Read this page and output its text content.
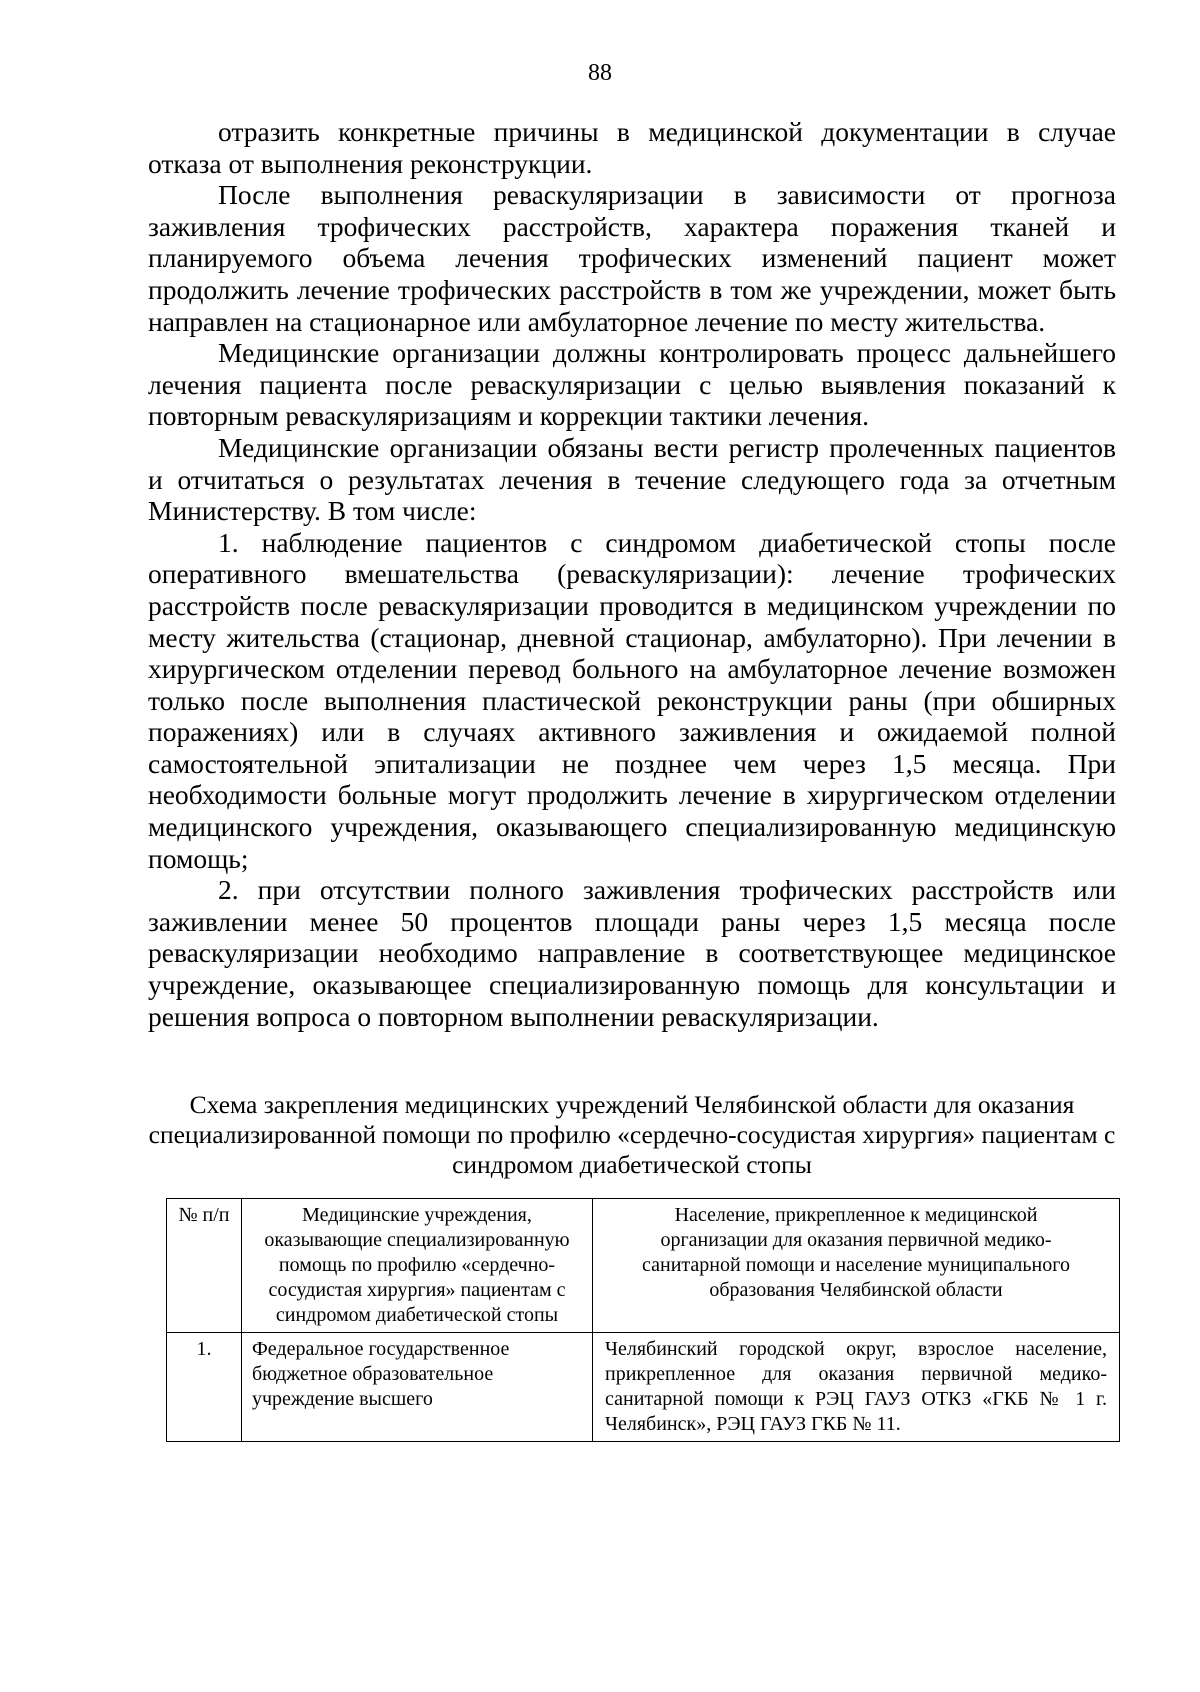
88

отразить конкретные причины в медицинской документации в случае отказа от выполнения реконструкции.

После выполнения реваскуляризации в зависимости от прогноза заживления трофических расстройств, характера поражения тканей и планируемого объема лечения трофических изменений пациент может продолжить лечение трофических расстройств в том же учреждении, может быть направлен на стационарное или амбулаторное лечение по месту жительства.

Медицинские организации должны контролировать процесс дальнейшего лечения пациента после реваскуляризации с целью выявления показаний к повторным реваскуляризациям и коррекции тактики лечения.

Медицинские организации обязаны вести регистр пролеченных пациентов и отчитаться о результатах лечения в течение следующего года за отчетным Министерству. В том числе:

1. наблюдение пациентов с синдромом диабетической стопы после оперативного вмешательства (реваскуляризации): лечение трофических расстройств после реваскуляризации проводится в медицинском учреждении по месту жительства (стационар, дневной стационар, амбулаторно). При лечении в хирургическом отделении перевод больного на амбулаторное лечение возможен только после выполнения пластической реконструкции раны (при обширных поражениях) или в случаях активного заживления и ожидаемой полной самостоятельной эпитализации не позднее чем через 1,5 месяца. При необходимости больные могут продолжить лечение в хирургическом отделении медицинского учреждения, оказывающего специализированную медицинскую помощь;

2. при отсутствии полного заживления трофических расстройств или заживлении менее 50 процентов площади раны через 1,5 месяца после реваскуляризации необходимо направление в соответствующее медицинское учреждение, оказывающее специализированную помощь для консультации и решения вопроса о повторном выполнении реваскуляризации.

Схема закрепления медицинских учреждений Челябинской области для оказания специализированной помощи по профилю «сердечно-сосудистая хирургия» пациентам с синдромом диабетической стопы
№ п/п	Медицинские учреждения, оказывающие специализированную помощь по профилю «сердечно-сосудистая хирургия» пациентам с синдромом диабетической стопы	Население, прикрепленное к медицинской организации для оказания первичной медико-санитарной помощи и население муниципального образования Челябинской области
1.	Федеральное государственное бюджетное образовательное учреждение высшего	Челябинский городской округ, взрослое население, прикрепленное для оказания первичной медико-санитарной помощи к РЭЦ ГАУЗ ОТКЗ «ГКБ № 1 г. Челябинск», РЭЦ ГАУЗ ГКБ № 11.
